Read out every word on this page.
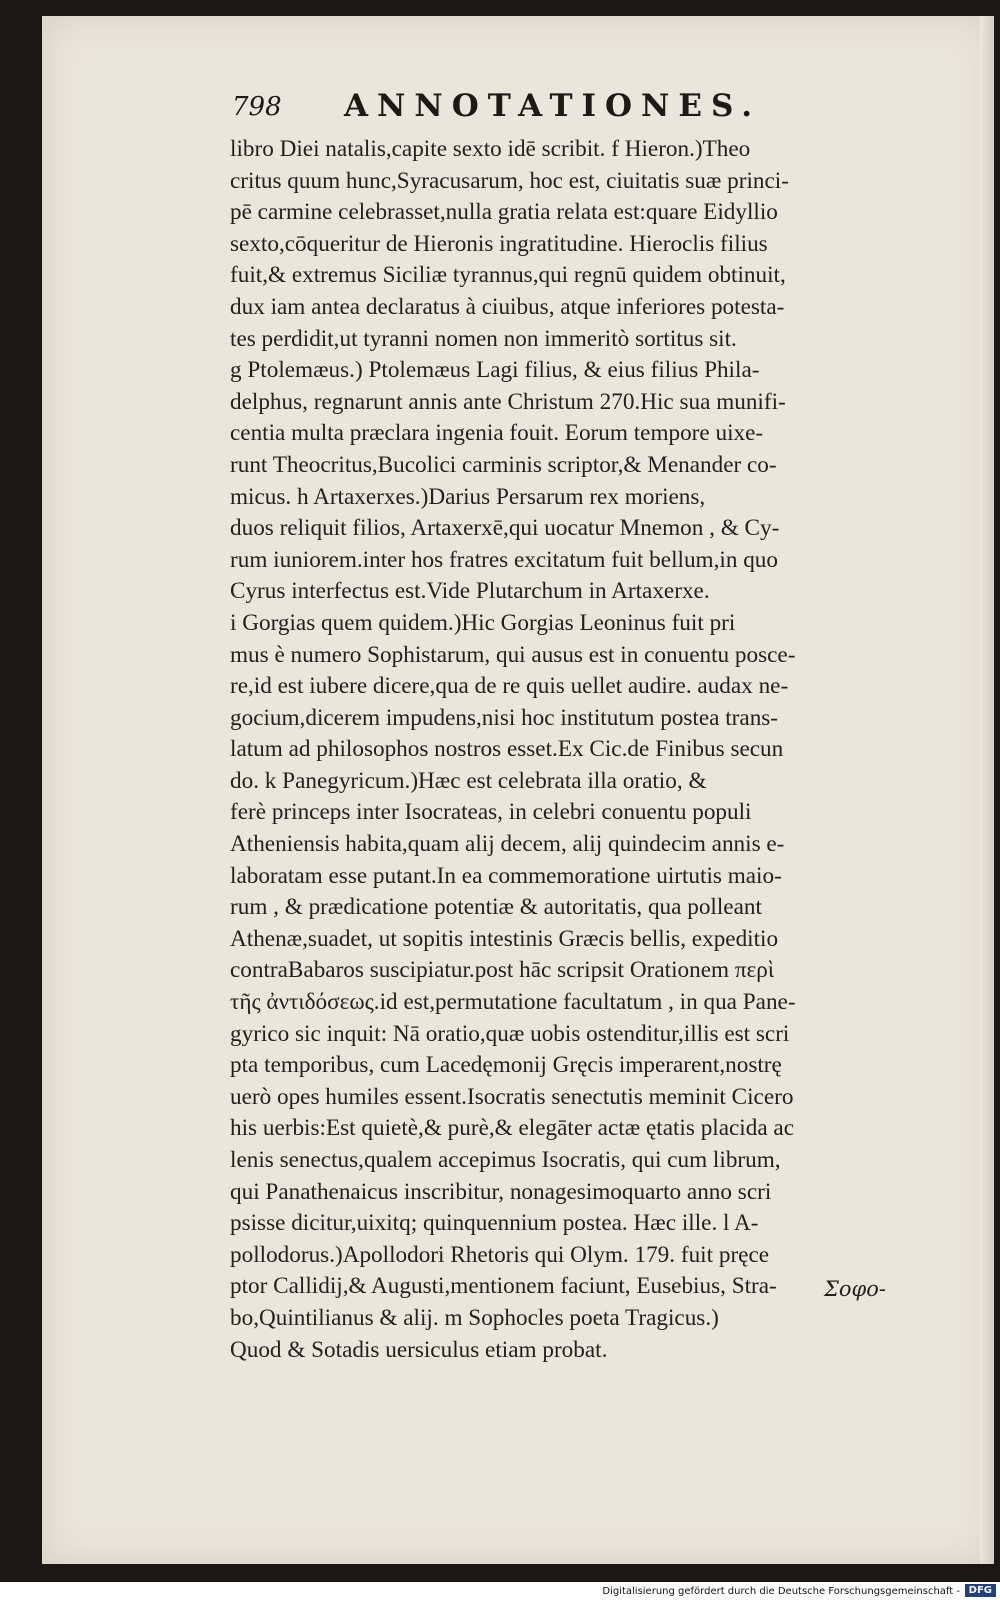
798 ANNOTATIONES.
libro Diei natalis,capite sexto idē scribit. f Hieron.)Theo
critus quum hunc,Syracusarum, hoc est, ciuitatis suæ princi-
pē carmine celebrasset,nulla gratia relata est:quare Eidyllio
sexto,cōqueritur de Hieronis ingratitudine. Hieroclis filius
fuit,& extremus Siciliæ tyrannus,qui regnū quidem obtinuit,
dux iam antea declaratus à ciuibus, atque inferiores potesta-
tes perdidit,ut tyranni nomen non immeritò sortitus sit.
g Ptolemæus.) Ptolemæus Lagi filius, & eius filius Phila-
delphus, regnarunt annis ante Christum 270.Hic sua munifi-
centia multa præclara ingenia fouit. Eorum tempore uixe-
runt Theocritus,Bucolici carminis scriptor,& Menander co-
micus. h Artaxerxes.)Darius Persarum rex moriens,
duos reliquit filios, Artaxerxē,qui uocatur Mnemon , & Cy-
rum iuniorem.inter hos fratres excitatum fuit bellum,in quo
Cyrus interfectus est.Vide Plutarchum in Artaxerxe.
i Gorgias quem quidem.)Hic Gorgias Leoninus fuit pri
mus è numero Sophistarum, qui ausus est in conuentu posce-
re,id est iubere dicere,qua de re quis uellet audire. audax ne-
gocium,dicerem impudens,nisi hoc institutum postea trans-
latum ad philosophos nostros esset.Ex Cic.de Finibus secun
do. k Panegyricum.)Hæc est celebrata illa oratio, &
ferè princeps inter Isocrateas, in celebri conuentu populi
Atheniensis habita,quam alij decem, alij quindecim annis e-
laboratam esse putant.In ea commemoratione uirtutis maio-
rum , & prædicatione potentiæ & autoritatis, qua polleant
Athenæ,suadet, ut sopitis intestinis Græcis bellis, expeditio
contraBabaros suscipiatur.post hāc scripsit Orationem περὶ
τῆς ἀντιδόσεως.id est,permutatione facultatum , in qua Pane-
gyrico sic inquit: Nā oratio,quæ uobis ostenditur,illis est scri
pta temporibus, cum Lacedęmonij Gręcis imperarent,nostrę
uerò opes humiles essent.Isocratis senectutis meminit Cicero
his uerbis:Est quietè,& purè,& elegāter actæ ętatis placida ac
lenis senectus,qualem accepimus Isocratis, qui cum librum,
qui Panathenaicus inscribitur, nonagesimoquarto anno scri
psisse dicitur,uixitq; quinquennium postea. Hæc ille. l A-
pollodorus.)Apollodori Rhetoris qui Olym. 179. fuit pręce
ptor Callidij,& Augusti,mentionem faciunt, Eusebius, Stra-
bo,Quintilianus & alij. m Sophocles poeta Tragicus.)
Quod & Sotadis uersiculus etiam probat.
Σοφο-
Digitalisierung gefördert durch die Deutsche Forschungsgemeinschaft - DFG
